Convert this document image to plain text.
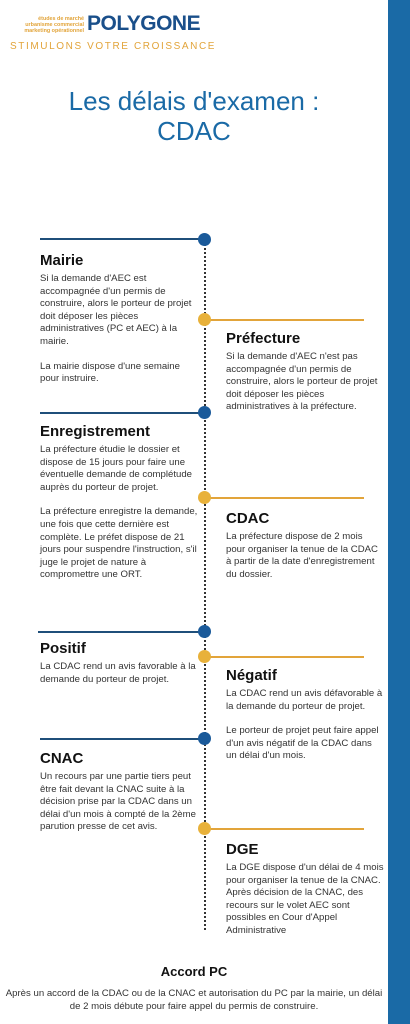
études de marché
urbanisme commercial
marketing opérationnel POLYGONE
STIMULONS VOTRE CROISSANCE
Les délais d'examen :
CDAC
Mairie

Si la demande d'AEC est accompagnée d'un permis de construire, alors le porteur de projet doit déposer les pièces administratives (PC et AEC) à la mairie.

La mairie dispose d'une semaine pour instruire.

Enregistrement

La préfecture étudie le dossier et dispose de 15 jours pour faire une éventuelle demande de complétude auprès du porteur de projet.

La préfecture enregistre la demande, une fois que cette dernière est complète. Le préfet dispose de 21 jours pour suspendre l'instruction, s'il juge le projet de nature à compromettre une ORT.

Positif

La CDAC rend un avis favorable à la demande du porteur de projet.

CNAC

Un recours par une partie tiers peut être fait devant la CNAC suite à la décision prise par la CDAC dans un délai d'un mois à compté de la 2ème parution presse de cet avis.

Préfecture

Si la demande d'AEC n'est pas accompagnée d'un permis de construire, alors le porteur de projet doit déposer les pièces administratives à la préfecture.

CDAC

La préfecture dispose de 2 mois pour organiser la tenue de la CDAC à partir de la date d'enregistrement du dossier.

Négatif

La CDAC rend un avis défavorable à la demande du porteur de projet.

Le porteur de projet peut faire appel d'un avis négatif de la CDAC dans un délai d'un mois.

DGE

La DGE dispose d'un délai de 4 mois pour organiser la tenue de la CNAC.

Après décision de la CNAC, des recours sur le volet AEC sont possibles en Cour d'Appel Administrative

Accord PC
Après un accord de la CDAC ou de la CNAC et autorisation du PC par la mairie, un délai de 2 mois débute pour faire appel du permis de construire.
